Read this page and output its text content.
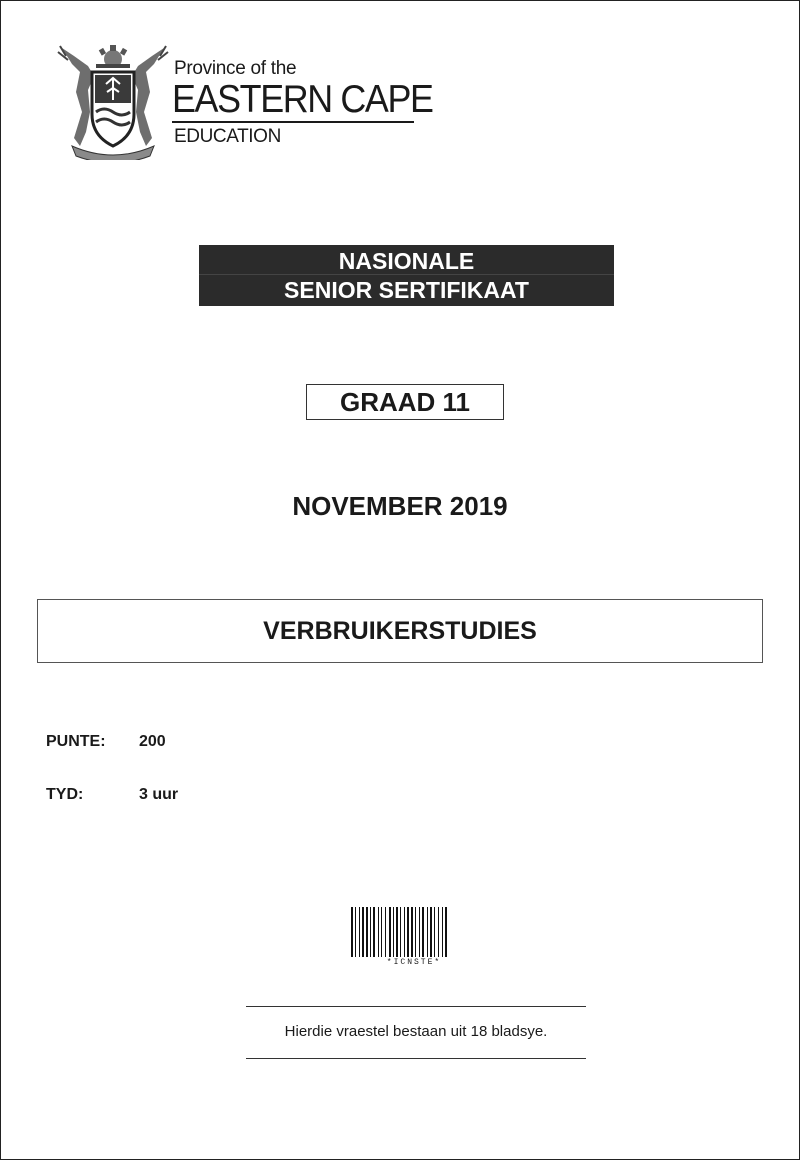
Province of the
EASTERN CAPE
EDUCATION
NASIONALE
SENIOR SERTIFIKAAT
GRAAD 11
NOVEMBER 2019
VERBRUIKERSTUDIES
PUNTE: 200
TYD:	3 uur
*ICNSTE*
Hierdie vraestel bestaan uit 18 bladsye.
